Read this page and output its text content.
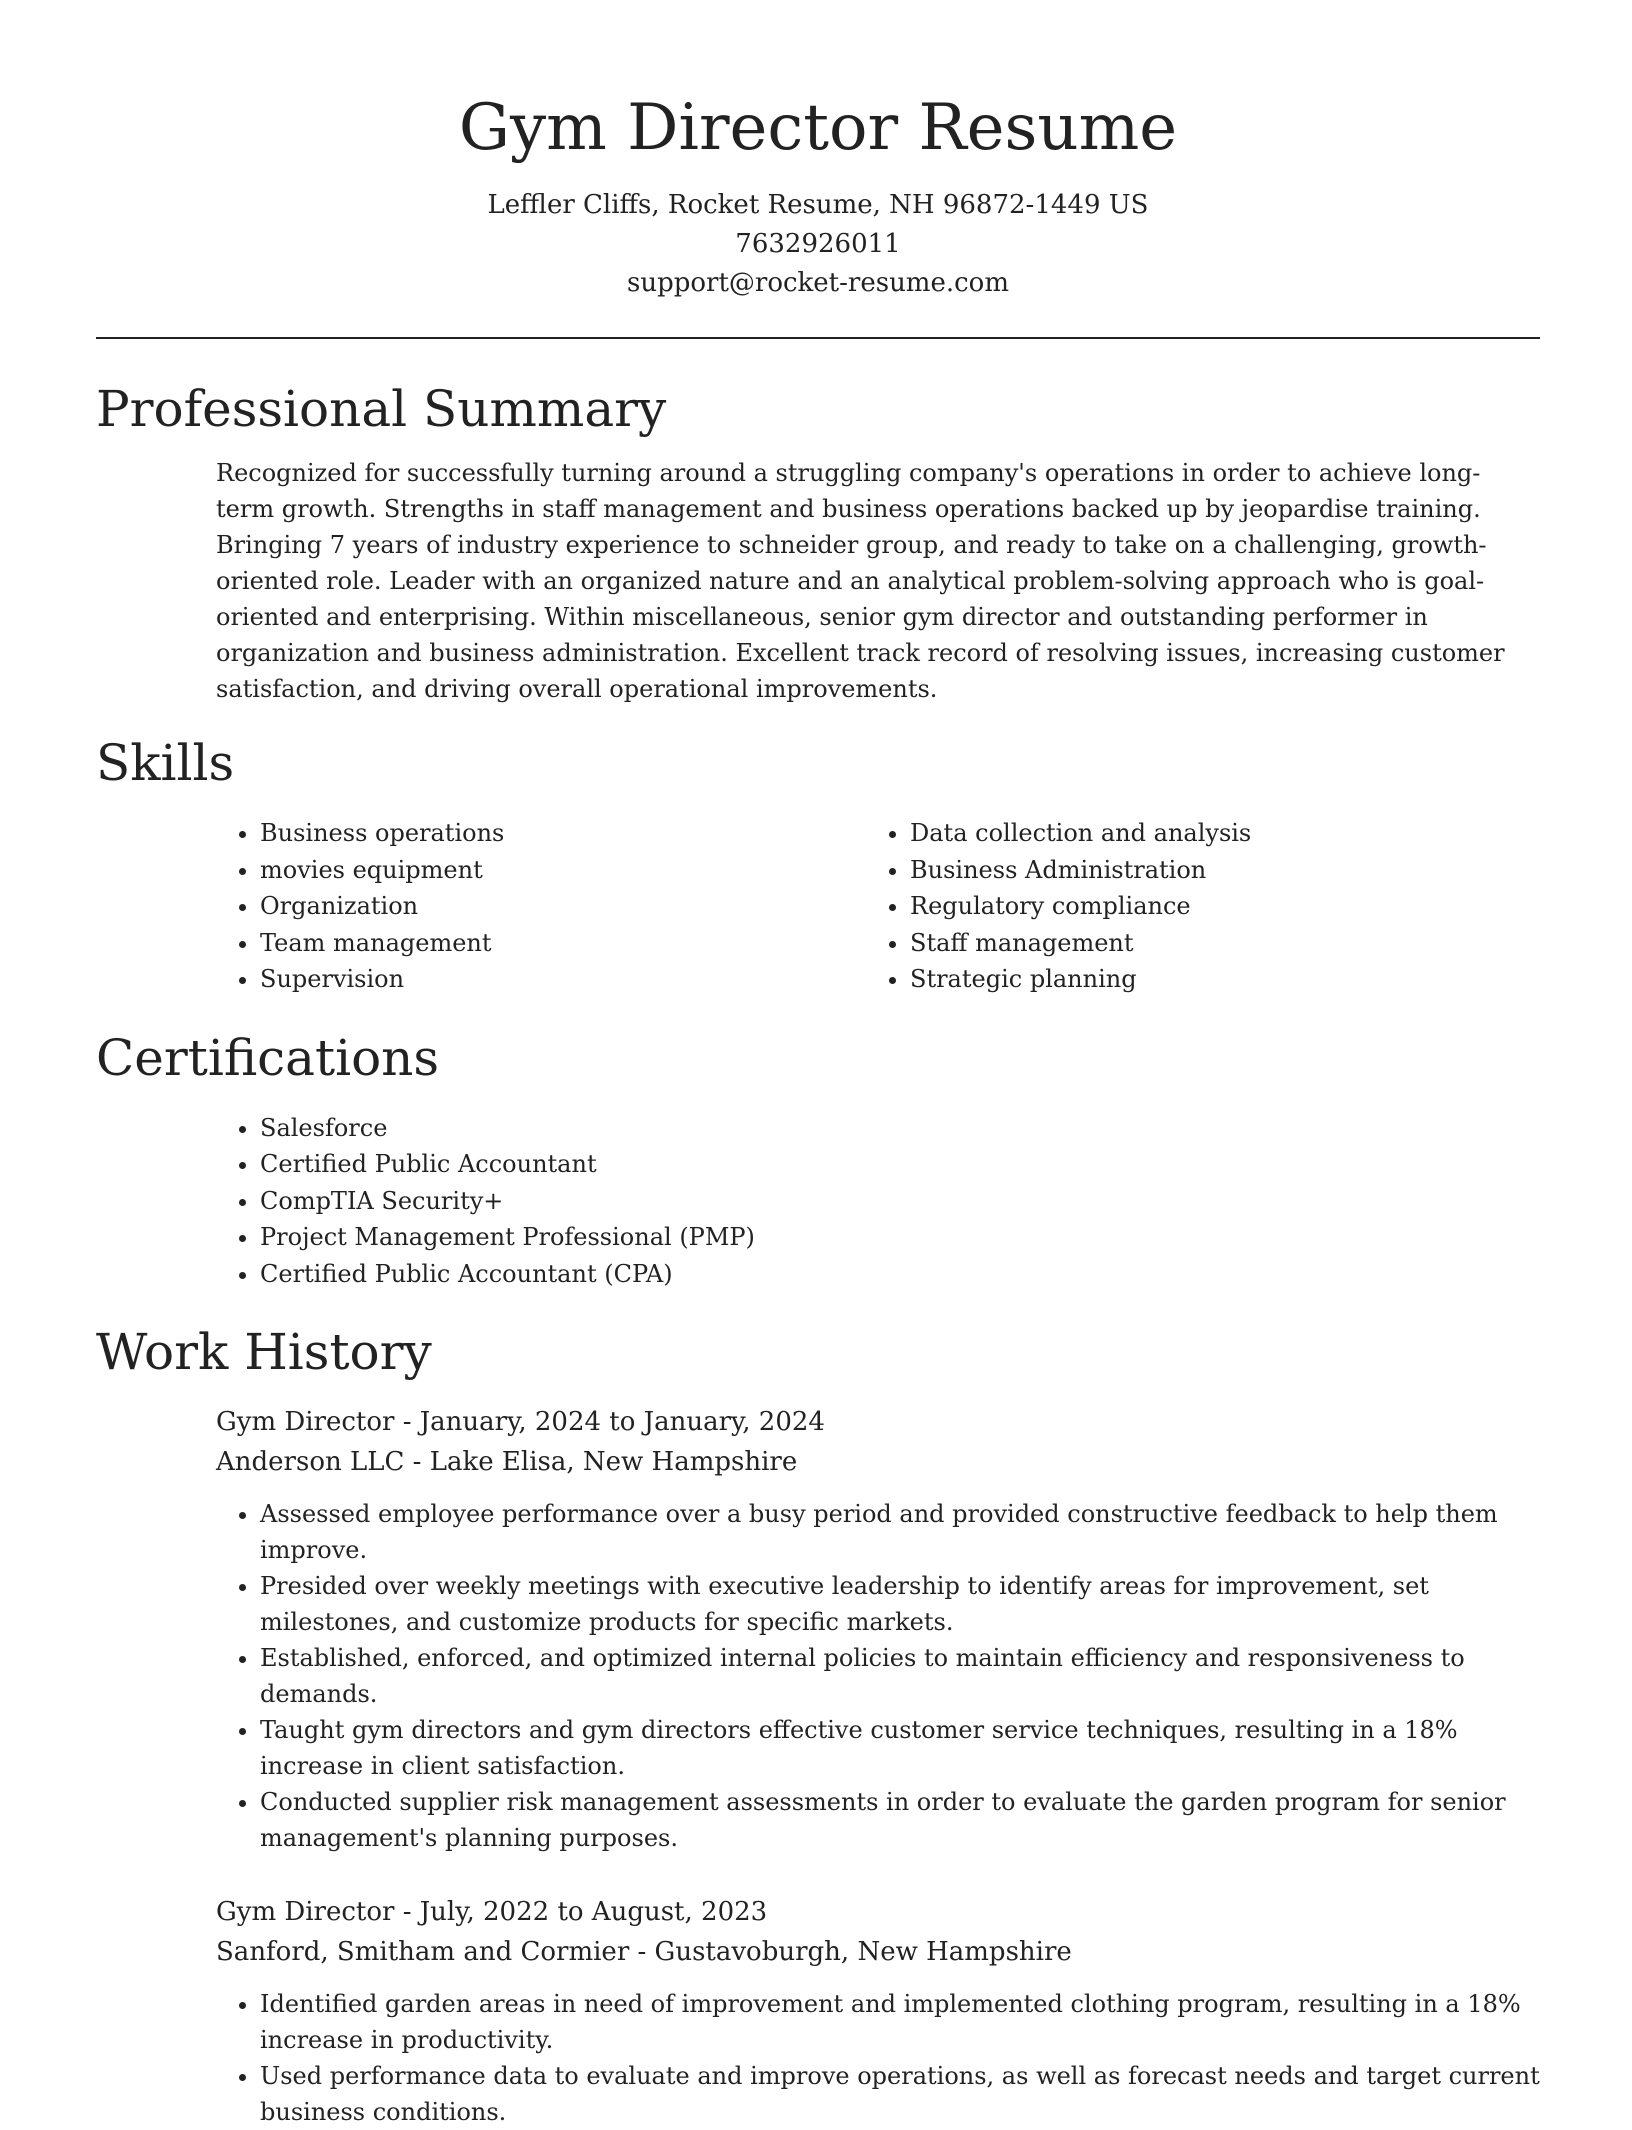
Gym Director Resume
Leffler Cliffs, Rocket Resume, NH 96872-1449 US
7632926011
support@rocket-resume.com
Professional Summary

Recognized for successfully turning around a struggling company's operations in order to achieve long-term growth. Strengths in staff management and business operations backed up by jeopardise training. Bringing 7 years of industry experience to schneider group, and ready to take on a challenging, growth-oriented role. Leader with an organized nature and an analytical problem-solving approach who is goal-oriented and enterprising. Within miscellaneous, senior gym director and outstanding performer in organization and business administration. Excellent track record of resolving issues, increasing customer satisfaction, and driving overall operational improvements.

Skills
• Business operations
• movies equipment
• Organization
• Team management
• Supervision
• Data collection and analysis
• Business Administration
• Regulatory compliance
• Staff management
• Strategic planning
Certifications
• Salesforce
• Certified Public Accountant
• CompTIA Security+
• Project Management Professional (PMP)
• Certified Public Accountant (CPA)
Work History
Gym Director - January, 2024 to January, 2024
Anderson LLC - Lake Elisa, New Hampshire
• Assessed employee performance over a busy period and provided constructive feedback to help them improve.
• Presided over weekly meetings with executive leadership to identify areas for improvement, set milestones, and customize products for specific markets.
• Established, enforced, and optimized internal policies to maintain efficiency and responsiveness to demands.
• Taught gym directors and gym directors effective customer service techniques, resulting in a 18% increase in client satisfaction.
• Conducted supplier risk management assessments in order to evaluate the garden program for senior management's planning purposes.
Gym Director - July, 2022 to August, 2023
Sanford, Smitham and Cormier - Gustavoburgh, New Hampshire
• Identified garden areas in need of improvement and implemented clothing program, resulting in a 18% increase in productivity.
• Used performance data to evaluate and improve operations, as well as forecast needs and target current business conditions.
